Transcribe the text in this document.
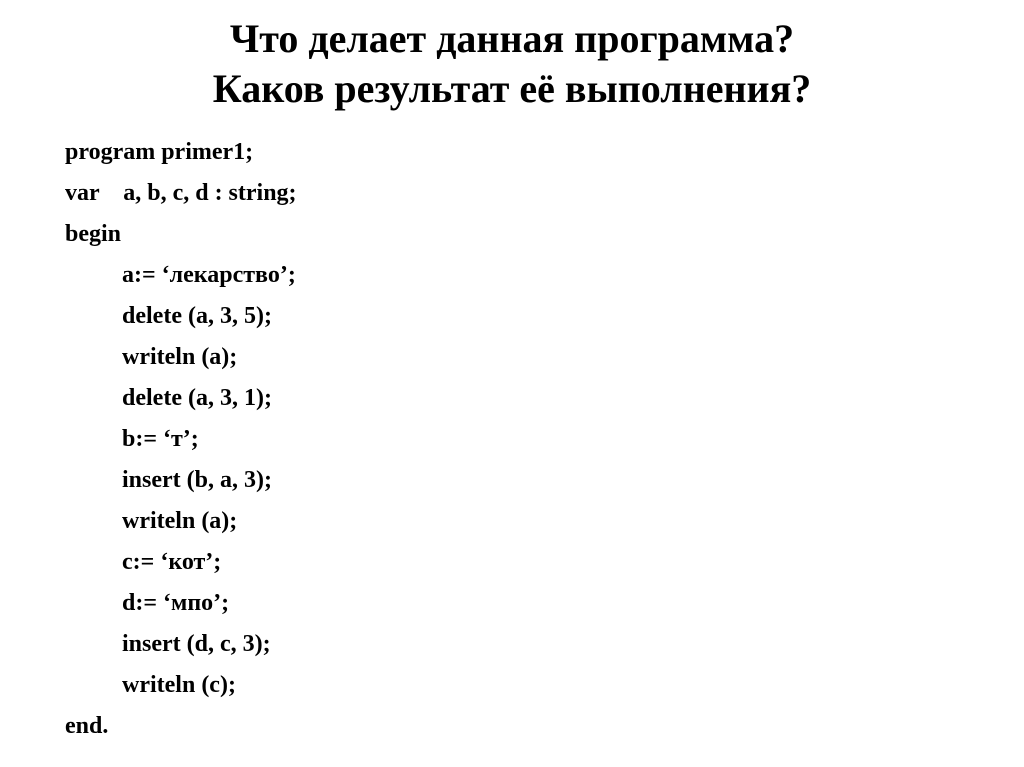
Что делает данная программа?
Каков результат её выполнения?
program primer1;
var    a, b, c, d : string;
begin
a:= ‘лекарство’;
delete (a, 3, 5);
writeln (a);
delete (a, 3, 1);
b:= ‘т’;
insert (b, a, 3);
writeln (a);
c:= ‘кот’;
d:= ‘мпо’;
insert (d, c, 3);
writeln (c);
end.
